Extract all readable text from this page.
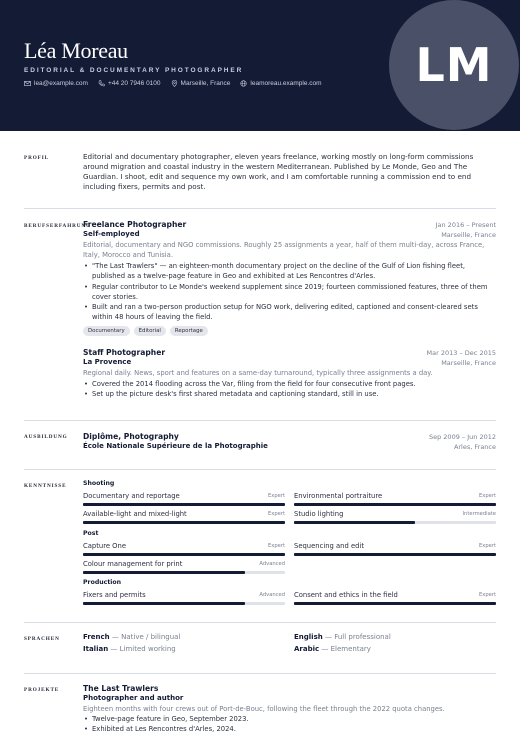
Léa Moreau
EDITORIAL & DOCUMENTARY PHOTOGRAPHER
lea@example.com	+44 20 7946 0100	Marseille, France	leamoreau.example.com LM
PROFIL	Editorial and documentary photographer, eleven years freelance, working mostly on long-form commissions around migration and coastal industry in the western Mediterranean. Published by Le Monde, Geo and The Guardian. I shoot, edit and sequence my own work, and I am comfortable running a commission end to end including fixers, permits and post.
BERUFSERFAHRUNG
Freelance Photographer	Jan 2016 – Present
Self-employed	Marseille, France
Editorial, documentary and NGO commissions. Roughly 25 assignments a year, half of them multi-day, across France, Italy, Morocco and Tunisia.
• "The Last Trawlers" — an eighteen-month documentary project on the decline of the Gulf of Lion fishing fleet, published as a twelve-page feature in Geo and exhibited at Les Rencontres d'Arles.
• Regular contributor to Le Monde's weekend supplement since 2019; fourteen commissioned features, three of them cover stories.
• Built and ran a two-person production setup for NGO work, delivering edited, captioned and consent-cleared sets within 48 hours of leaving the field.
Documentary	Editorial	Reportage
Staff Photographer	Mar 2013 – Dec 2015
La Provence	Marseille, France
Regional daily. News, sport and features on a same-day turnaround, typically three assignments a day.
• Covered the 2014 flooding across the Var, filing from the field for four consecutive front pages.
• Set up the picture desk's first shared metadata and captioning standard, still in use.
AUSBILDUNG Diplôme, Photography	Sep 2009 – Jun 2012
École Nationale Supérieure de la Photographie	Arles, France
KENNTNISSE	Shooting
Documentary and reportage	Expert Environmental portraiture	Expert
Available-light and mixed-light	Expert Studio lighting	Intermediate
Post
Capture One	Expert Sequencing and edit	Expert
Colour management for print	Advanced
Production
Fixers and permits	Advanced Consent and ethics in the field	Expert
SPRACHEN	French — Native / bilingual	English — Full professional
Italian — Limited working	Arabic — Elementary
PROJEKTE	The Last Trawlers
Photographer and author
Eighteen months with four crews out of Port-de-Bouc, following the fleet through the 2022 quota changes.
• Twelve-page feature in Geo, September 2023.
• Exhibited at Les Rencontres d'Arles, 2024.
